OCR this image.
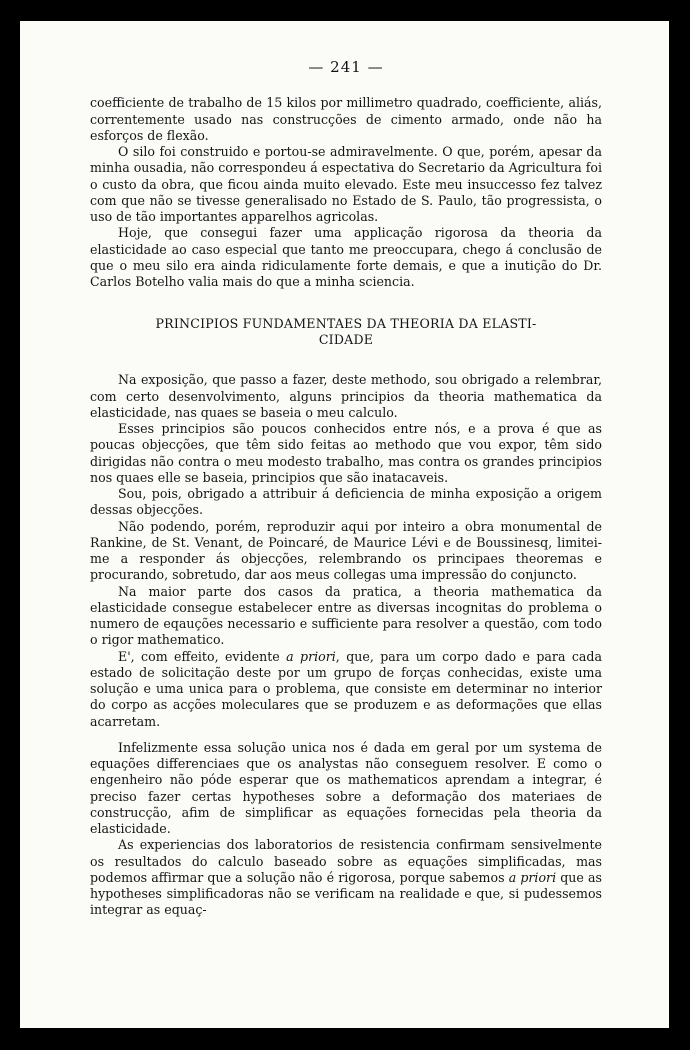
— 241 —

coefficiente de trabalho de 15 kilos por millimetro quadrado, coefficiente, aliás, correntemente usado nas construcções de cimento armado, onde não ha esforços de flexão.

O silo foi construido e portou-se admiravelmente. O que, porém, apesar da minha ousadia, não correspondeu á espectativa do Secretario da Agricultura foi o custo da obra, que ficou ainda muito elevado. Este meu insuccesso fez talvez com que não se tivesse generalisado no Estado de S. Paulo, tão progressista, o uso de tão importantes apparelhos agricolas.

Hoje, que consegui fazer uma applicação rigorosa da theoria da elasticidade ao caso especial que tanto me preoccupara, chego á conclusão de que o meu silo era ainda ridiculamente forte demais, e que a inutição do Dr. Carlos Botelho valia mais do que a minha sciencia.

PRINCIPIOS FUNDAMENTAES DA THEORIA DA ELASTI-
CIDADE

Na exposição, que passo a fazer, deste methodo, sou obrigado a relembrar, com certo desenvolvimento, alguns principios da theoria mathematica da elasticidade, nas quaes se baseia o meu calculo.

Esses principios são poucos conhecidos entre nós, e a prova é que as poucas objecções, que têm sido feitas ao methodo que vou expor, têm sido dirigidas não contra o meu modesto trabalho, mas contra os grandes principios nos quaes elle se baseia, principios que são inatacaveis.

Sou, pois, obrigado a attribuir á deficiencia de minha exposição a origem dessas objecções.

Não podendo, porém, reproduzir aqui por inteiro a obra monumental de Rankine, de St. Venant, de Poincaré, de Maurice Lévi e de Boussinesq, limitei-me a responder ás objecções, relembrando os principaes theoremas e procurando, sobretudo, dar aos meus collegas uma impressão do conjuncto.

Na maior parte dos casos da pratica, a theoria mathematica da elasticidade consegue estabelecer entre as diversas incognitas do problema o numero de eqauções necessario e sufficiente para resolver a questão, com todo o rigor mathematico.

E', com effeito, evidente a priori, que, para um corpo dado e para cada estado de solicitação deste por um grupo de forças conhecidas, existe uma solução e uma unica para o problema, que consiste em determinar no interior do corpo as acções moleculares que se produzem e as deformações que ellas acarretam.

Infelizmente essa solução unica nos é dada em geral por um systema de equações differenciaes que os analystas não conseguem resolver. E como o engenheiro não póde esperar que os mathematicos aprendam a integrar, é preciso fazer certas hypotheses sobre a deformação dos materiaes de construcção, afim de simplificar as equações fornecidas pela theoria da elasticidade.

As experiencias dos laboratorios de resistencia confirmam sensivelmente os resultados do calculo baseado sobre as equações simplificadas, mas podemos affirmar que a solução não é rigorosa, porque sabemos a priori que as hypotheses simplificadoras não se verificam na realidade e que, si pudessemos integrar as equaç-
